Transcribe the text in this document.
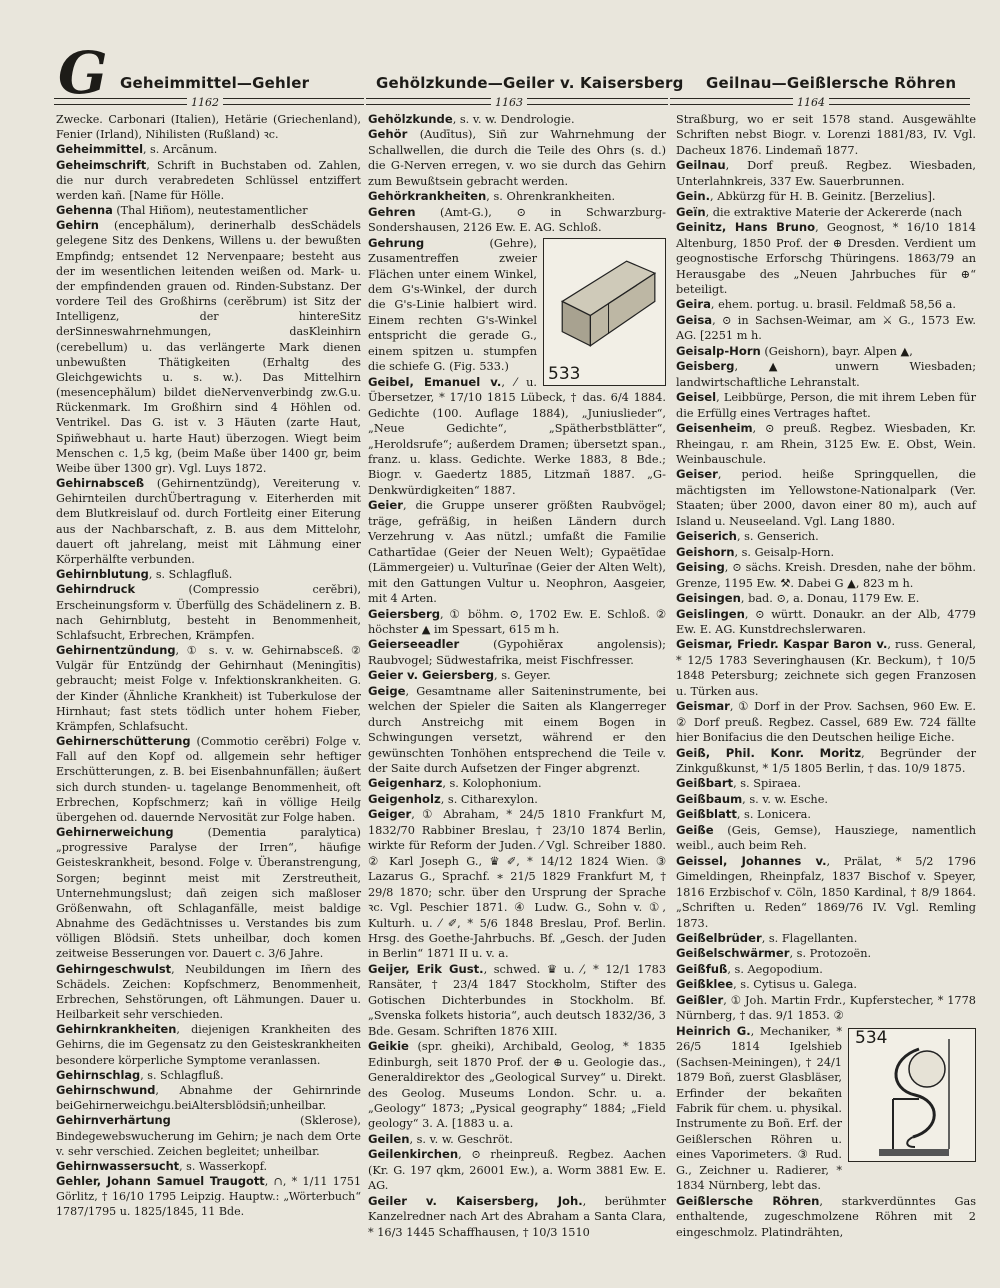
G Geheimmittel—Gehler	Gehölzkunde—Geiler v. Kaisersberg Geilnau—Geißlersche Röhren
1162	1163	1164

Zwecke. Carbonari (Italien), Hetärie (Griechenland), Fenier (Irland), Nihilisten (Rußland) ꝛc.

Geheimmittel, s. Arcānum.

Geheimschrift, Schrift in Buchstaben od. Zahlen, die nur durch verabredeten Schlüssel entziffert werden kañ. [Name für Hölle.

Gehenna (Thal Hiñom), neutestamentlicher

Gehirn (encephălum), derinerhalb desSchädels gelegene Sitz des Denkens, Willens u. der bewußten Empfindg; entsendet 12 Nervenpaare; besteht aus der im wesentlichen leitenden weißen od. Mark- u. der empfindenden grauen od. Rinden-Substanz. Der vordere Teil des Großhirns (cerĕbrum) ist Sitz der Intelligenz, der hintereSitz derSinneswahrnehmungen, dasKleinhirn (cerebellum) u. das verlängerte Mark dienen unbewußten Thätigkeiten (Erhaltg des Gleichgewichts u. s. w.). Das Mittelhirn (mesencephălum) bildet dieNervenverbindg zw.G.u. Rückenmark. Im Großhirn sind 4 Höhlen od. Ventrikel. Das G. ist v. 3 Häuten (zarte Haut, Spiñwebhaut u. harte Haut) überzogen. Wiegt beim Menschen c. 1,5 kg, (beim Maße über 1400 gr, beim Weibe über 1300 gr). Vgl. Luys 1872.

Gehirnabsceß (Gehirnentzündg), Vereiterung v. Gehirnteilen durchÜbertragung v. Eiterherden mit dem Blutkreislauf od. durch Fortleitg einer Eiterung aus der Nachbarschaft, z. B. aus dem Mittelohr, dauert oft jahrelang, meist mit Lähmung einer Körperhälfte verbunden.

Gehirnblutung, s. Schlagfluß.

Gehirndruck (Compressio cerĕbri), Erscheinungsform v. Überfüllg des Schädelinern z. B. nach Gehirnblutg, besteht in Benommenheit, Schlafsucht, Erbrechen, Krämpfen.

Gehirnentzündung, ① s. v. w. Gehirnabsceß. ② Vulgär für Entzündg der Gehirnhaut (Meningītis) gebraucht; meist Folge v. Infektionskrankheiten. G. der Kinder (Ähnliche Krankheit) ist Tuberkulose der Hirnhaut; fast stets tödlich unter hohem Fieber, Krämpfen, Schlafsucht.

Gehirnerschütterung (Commotio cerĕbri) Folge v. Fall auf den Kopf od. allgemein sehr heftiger Erschütterungen, z. B. bei Eisenbahnunfällen; äußert sich durch stunden- u. tagelange Benommenheit, oft Erbrechen, Kopfschmerz; kañ in völlige Heilg übergehen od. dauernde Nervosität zur Folge haben.

Gehirnerweichung (Dementia paralytica) „progressive Paralyse der Irren“, häufige Geisteskrankheit, besond. Folge v. Überanstrengung, Sorgen; beginnt meist mit Zerstreutheit, Unternehmungslust; dañ zeigen sich maßloser Größenwahn, oft Schlaganfälle, meist baldige Abnahme des Gedächtnisses u. Verstandes bis zum völligen Blödsiñ. Stets unheilbar, doch komen zeitweise Besserungen vor. Dauert c. 3/6 Jahre.

Gehirngeschwulst, Neubildungen im Iñern des Schädels. Zeichen: Kopfschmerz, Benommenheit, Erbrechen, Sehstörungen, oft Lähmungen. Dauer u. Heilbarkeit sehr verschieden.

Gehirnkrankheiten, diejenigen Krankheiten des Gehirns, die im Gegensatz zu den Geisteskrankheiten besondere körperliche Symptome veranlassen.

Gehirnschlag, s. Schlagfluß.

Gehirnschwund, Abnahme der Gehirnrinde beiGehirnerweichgu.beiAltersblödsiñ;unheilbar.

Gehirnverhärtung (Sklerose), Bindegewebswucherung im Gehirn; je nach dem Orte v. sehr verschied. Zeichen begleitet; unheilbar.

Gehirnwassersucht, s. Wasserkopf.

Gehler, Johann Samuel Traugott, ∩, * 1/11 1751 Görlitz, † 16/10 1795 Leipzig. Hauptw.: „Wörterbuch“ 1787/1795 u. 1825/1845, 11 Bde.

Gehölzkunde, s. v. w. Dendrologie.

Gehör (Audītus), Siñ zur Wahrnehmung der Schallwellen, die durch die Teile des Ohrs (s. d.) die G-Nerven erregen, v. wo sie durch das Gehirn zum Bewußtsein gebracht werden.

Gehörkrankheiten, s. Ohrenkrankheiten.

Gehren (Amt-G.), ⊙ in Schwarzburg-Sondershausen, 2126 Ew. E. AG. Schloß.

533
Gehrung (Gehre), Zusamentreffen zweier Flächen unter einem Winkel, dem G's-Winkel, der durch die G's-Linie halbiert wird. Einem rechten G's-Winkel entspricht die gerade G., einem spitzen u. stumpfen die schiefe G. (Fig. 533.)

Geibel, Emanuel v., ⁄ u. Übersetzer, * 17/10 1815 Lübeck, † das. 6/4 1884. Gedichte (100. Auflage 1884), „Juniuslieder“, „Neue Gedichte“, „Spätherbstblätter“, „Heroldsrufe“; außerdem Dramen; übersetzt span., franz. u. klass. Gedichte. Werke 1883, 8 Bde.; Biogr. v. Gaedertz 1885, Litzmañ 1887. „G-Denkwürdigkeiten“ 1887.

Geier, die Gruppe unserer größten Raubvögel; träge, gefräßig, in heißen Ländern durch Verzehrung v. Aas nützl.; umfaßt die Familie Cathartīdae (Geier der Neuen Welt); Gypaëtīdae (Lämmergeier) u. Vulturīnae (Geier der Alten Welt), mit den Gattungen Vultur u. Neophron, Aasgeier, mit 4 Arten.

Geiersberg, ① böhm. ⊙, 1702 Ew. E. Schloß. ② höchster ▲ im Spessart, 615 m h.

Geierseeadler (Gypohiĕrax angolensis); Raubvogel; Südwestafrika, meist Fischfresser.

Geier v. Geiersberg, s. Geyer.

Geige, Gesamtname aller Saiteninstrumente, bei welchen der Spieler die Saiten als Klangerreger durch Anstreichg mit einem Bogen in Schwingungen versetzt, während er den gewünschten Tonhöhen entsprechend die Teile v. der Saite durch Aufsetzen der Finger abgrenzt.

Geigenharz, s. Kolophonium.

Geigenholz, s. Citharexylon.

Geiger, ① Abraham, * 24/5 1810 Frankfurt M, 1832/70 Rabbiner Breslau, † 23/10 1874 Berlin, wirkte für Reform der Juden. ⁄ Vgl. Schreiber 1880. ② Karl Joseph G., ♛ ✐, * 14/12 1824 Wien. ③ Lazarus G., Sprachf. ∗ 21/5 1829 Frankfurt M, † 29/8 1870; schr. über den Ursprung der Sprache ꝛc. Vgl. Peschier 1871. ④ Ludw. G., Sohn v. ①, Kulturh. u. ⁄ ✐, * 5/6 1848 Breslau, Prof. Berlin. Hrsg. des Goethe-Jahrbuchs. Bf. „Gesch. der Juden in Berlin“ 1871 II u. v. a.

Geijer, Erik Gust., schwed. ♛ u. ⁄, * 12/1 1783 Ransäter, † 23/4 1847 Stockholm, Stifter des Gotischen Dichterbundes in Stockholm. Bf. „Svenska folkets historia“, auch deutsch 1832/36, 3 Bde. Gesam. Schriften 1876 XIII.

Geikie (spr. gheiki), Archibald, Geolog, * 1835 Edinburgh, seit 1870 Prof. der ⊕ u. Geologie das., Generaldirektor des „Geological Survey“ u. Direkt. des Geolog. Museums London. Schr. u. a. „Geology“ 1873; „Pysical geography“ 1884; „Field geology“ 3. A. [1883 u. a.

Geilen, s. v. w. Geschröt.

Geilenkirchen, ⊙ rheinpreuß. Regbez. Aachen (Kr. G. 197 qkm, 26001 Ew.), a. Worm 3881 Ew. E. AG.

Geiler v. Kaisersberg, Joh., berühmter Kanzelredner nach Art des Abraham a Santa Clara, * 16/3 1445 Schaffhausen, † 10/3 1510

Straßburg, wo er seit 1578 stand. Ausgewählte Schriften nebst Biogr. v. Lorenzi 1881/83, IV. Vgl. Dacheux 1876. Lindemañ 1877.

Geilnau, Dorf preuß. Regbez. Wiesbaden, Unterlahnkreis, 337 Ew. Sauerbrunnen.

Gein., Abkürzg für H. B. Geinitz. [Berzelius].

Geïn, die extraktive Materie der Ackererde (nach

Geinitz, Hans Bruno, Geognost, * 16/10 1814 Altenburg, 1850 Prof. der ⊕ Dresden. Verdient um geognostische Erforschg Thüringens. 1863/79 an Herausgabe des „Neuen Jahrbuches für ⊕“ beteiligt.

Geira, ehem. portug. u. brasil. Feldmaß 58,56 a.

Geisa, ⊙ in Sachsen-Weimar, am ⚔ G., 1573 Ew. AG. [2251 m h.

Geisalp-Horn (Geishorn), bayr. Alpen ▲,

Geisberg, ▲ unwern Wiesbaden; landwirtschaftliche Lehranstalt.

Geisel, Leibbürge, Person, die mit ihrem Leben für die Erfüllg eines Vertrages haftet.

Geisenheim, ⊙ preuß. Regbez. Wiesbaden, Kr. Rheingau, r. am Rhein, 3125 Ew. E. Obst, Wein. Weinbauschule.

Geiser, period. heiße Springquellen, die mächtigsten im Yellowstone-Nationalpark (Ver. Staaten; über 2000, davon einer 80 m), auch auf Island u. Neuseeland. Vgl. Lang 1880.

Geiserich, s. Genserich.

Geishorn, s. Geisalp-Horn.

Geising, ⊙ sächs. Kreish. Dresden, nahe der böhm. Grenze, 1195 Ew. ⚒. Dabei G ▲, 823 m h.

Geisingen, bad. ⊙, a. Donau, 1179 Ew. E.

Geislingen, ⊙ württ. Donaukr. an der Alb, 4779 Ew. E. AG. Kunstdrechslerwaren.

Geismar, Friedr. Kaspar Baron v., russ. General, * 12/5 1783 Severinghausen (Kr. Beckum), † 10/5 1848 Petersburg; zeichnete sich gegen Franzosen u. Türken aus.

Geismar, ① Dorf in der Prov. Sachsen, 960 Ew. E. ② Dorf preuß. Regbez. Cassel, 689 Ew. 724 fällte hier Bonifacius die den Deutschen heilige Eiche.

Geiß, Phil. Konr. Moritz, Begründer der Zinkgußkunst, * 1/5 1805 Berlin, † das. 10/9 1875.

Geißbart, s. Spiraea.

Geißbaum, s. v. w. Esche.

Geißblatt, s. Lonicera.

Geiße (Geis, Gemse), Hausziege, namentlich weibl., auch beim Reh.

Geissel, Johannes v., Prälat, * 5/2 1796 Gimeldingen, Rheinpfalz, 1837 Bischof v. Speyer, 1816 Erzbischof v. Cöln, 1850 Kardinal, † 8/9 1864. „Schriften u. Reden“ 1869/76 IV. Vgl. Remling 1873.

Geißelbrüder, s. Flagellanten.

Geißelschwärmer, s. Protozoën.

Geißfuß, s. Aegopodium.

Geißklee, s. Cytisus u. Galega.

Geißler, ① Joh. Martin Frdr., Kupferstecher, * 1778 Nürnberg, † das. 9/1 1853. ②

534
Heinrich G., Mechaniker, * 26/5 1814 Igelshieb (Sachsen-Meiningen), † 24/1 1879 Boñ, zuerst Glasbläser, Erfinder der bekañten Fabrik für chem. u. physikal. Instrumente zu Boñ. Erf. der Geißlerschen Röhren u. eines Vaporimeters. ③ Rud. G., Zeichner u. Radierer, * 1834 Nürnberg, lebt das.

Geißlersche Röhren, starkverdünntes Gas enthaltende, zugeschmolzene Röhren mit 2 eingeschmolz. Platindrähten,
